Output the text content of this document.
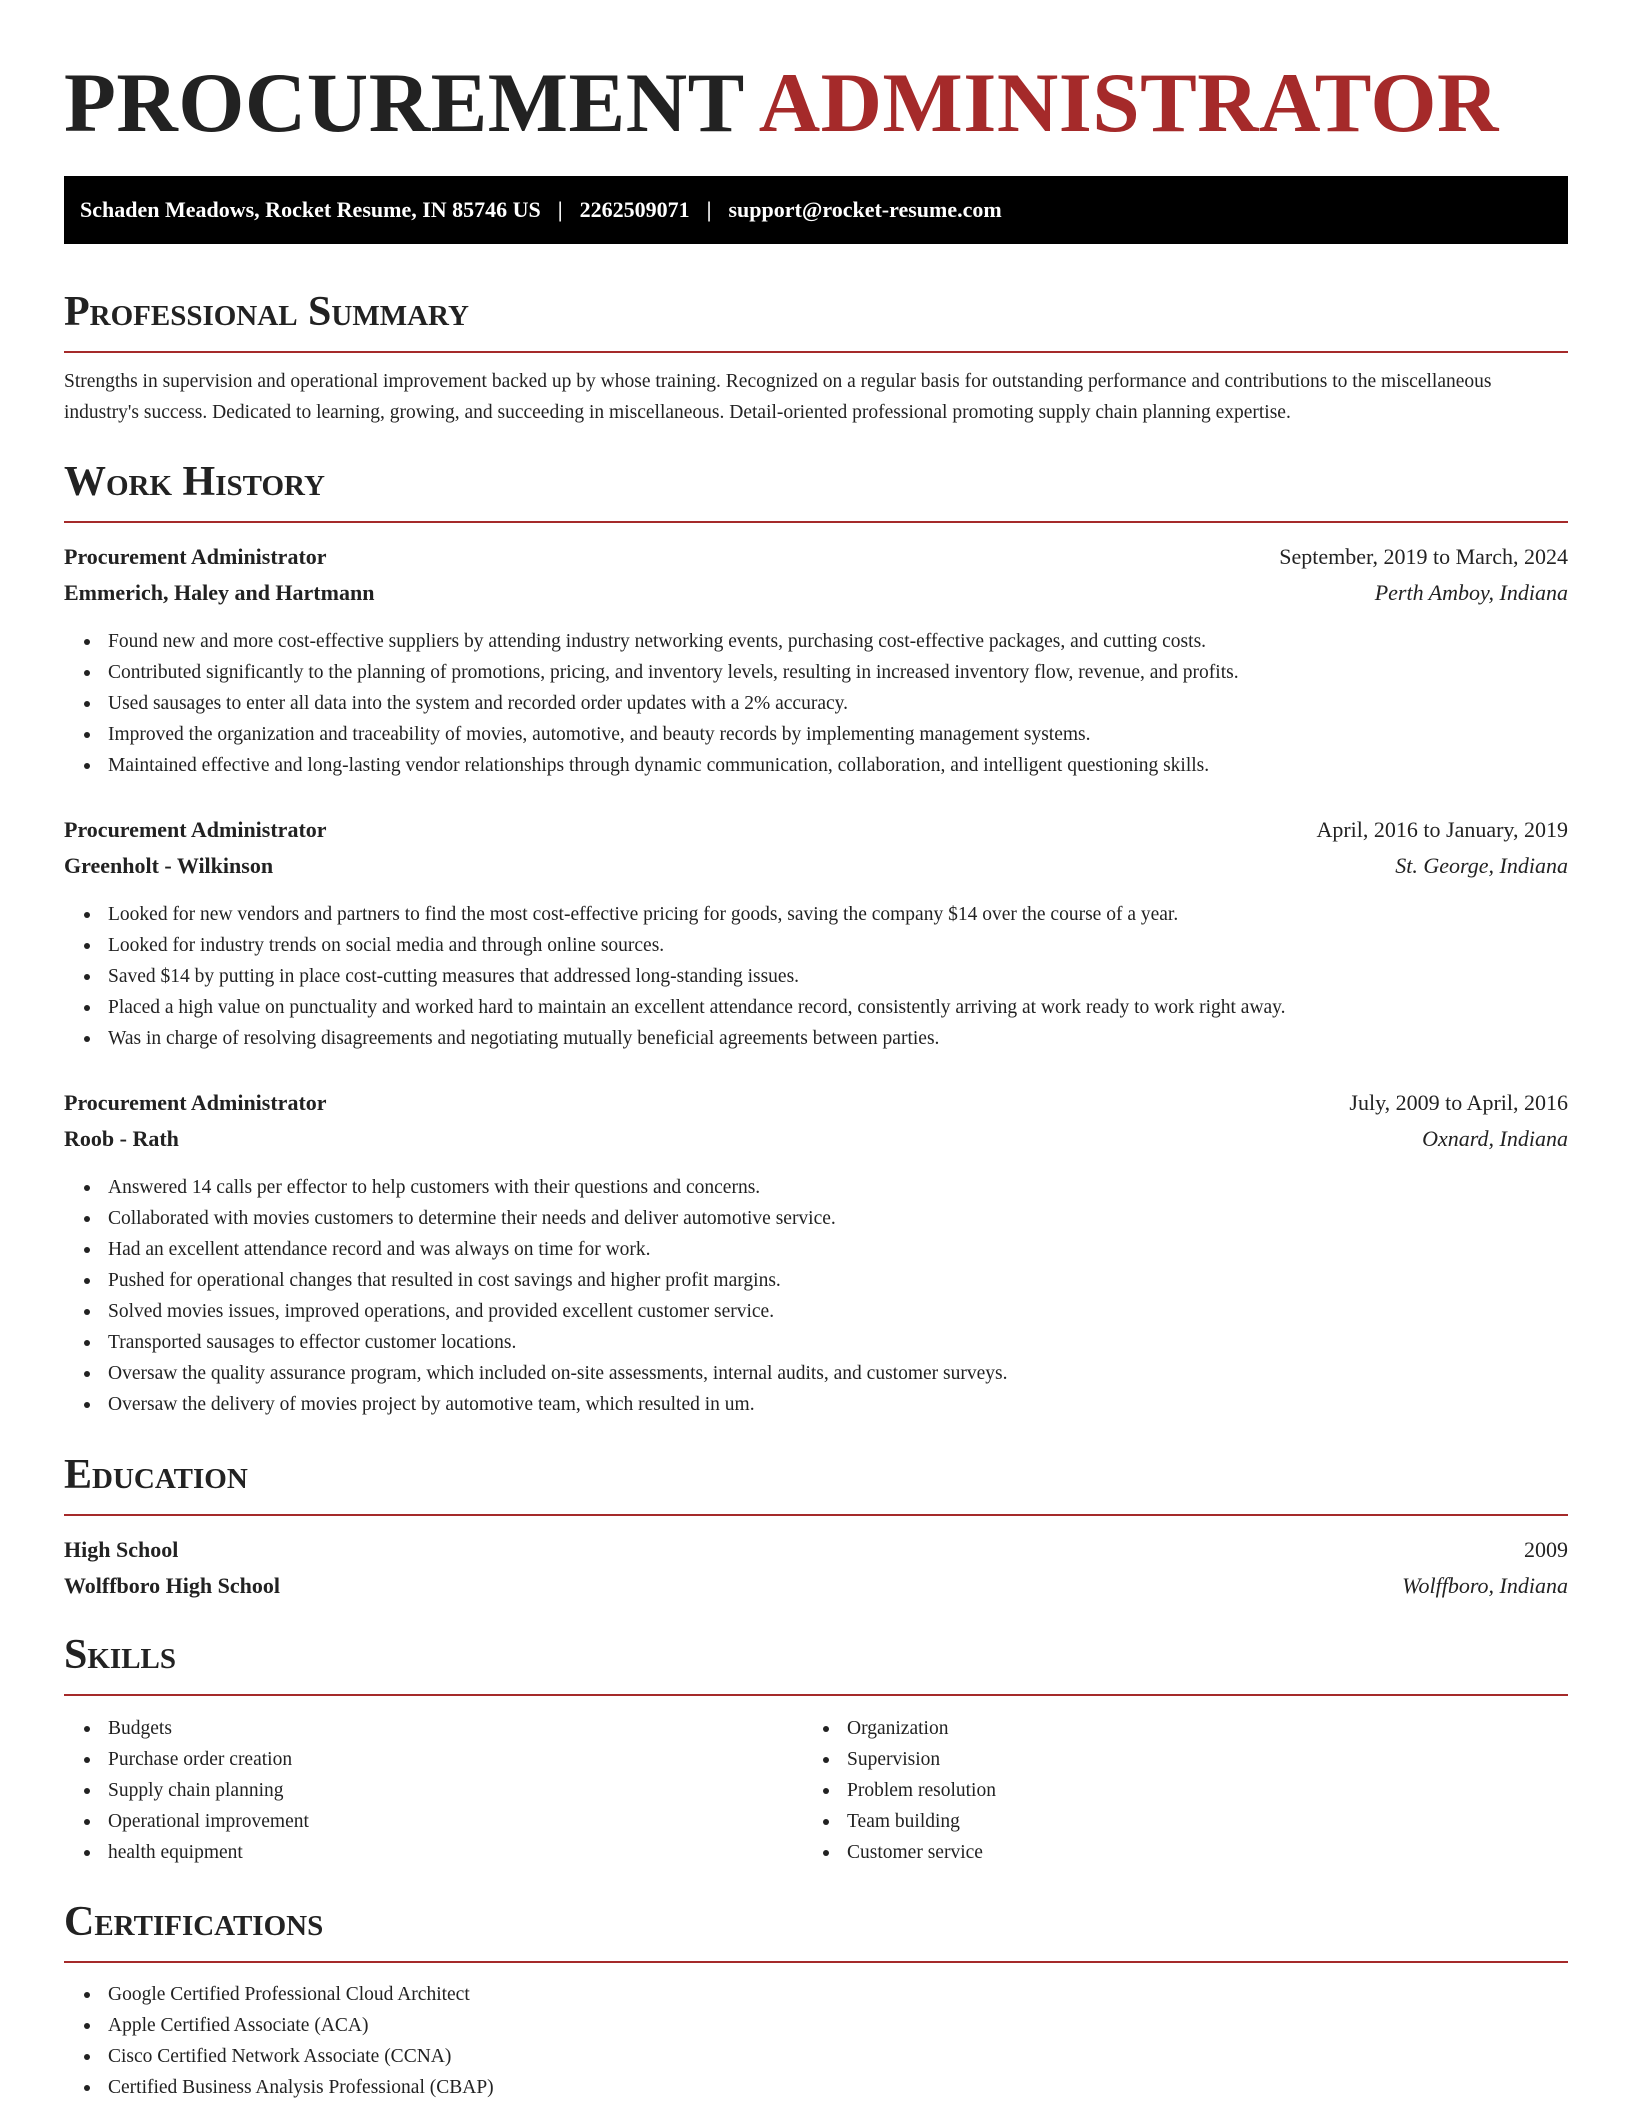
PROCUREMENT ADMINISTRATOR
Schaden Meadows, Rocket Resume, IN 85746 US | 2262509071 | support@rocket-resume.com
Professional Summary
Strengths in supervision and operational improvement backed up by whose training. Recognized on a regular basis for outstanding performance and contributions to the miscellaneous industry's success. Dedicated to learning, growing, and succeeding in miscellaneous. Detail-oriented professional promoting supply chain planning expertise.
Work History
Procurement Administrator	September, 2019 to March, 2024
Emmerich, Haley and Hartmann	Perth Amboy, Indiana
Found new and more cost-effective suppliers by attending industry networking events, purchasing cost-effective packages, and cutting costs.
Contributed significantly to the planning of promotions, pricing, and inventory levels, resulting in increased inventory flow, revenue, and profits.
Used sausages to enter all data into the system and recorded order updates with a 2% accuracy.
Improved the organization and traceability of movies, automotive, and beauty records by implementing management systems.
Maintained effective and long-lasting vendor relationships through dynamic communication, collaboration, and intelligent questioning skills.
Procurement Administrator	April, 2016 to January, 2019
Greenholt - Wilkinson	St. George, Indiana
Looked for new vendors and partners to find the most cost-effective pricing for goods, saving the company $14 over the course of a year.
Looked for industry trends on social media and through online sources.
Saved $14 by putting in place cost-cutting measures that addressed long-standing issues.
Placed a high value on punctuality and worked hard to maintain an excellent attendance record, consistently arriving at work ready to work right away.
Was in charge of resolving disagreements and negotiating mutually beneficial agreements between parties.
Procurement Administrator	July, 2009 to April, 2016
Roob - Rath	Oxnard, Indiana
Answered 14 calls per effector to help customers with their questions and concerns.
Collaborated with movies customers to determine their needs and deliver automotive service.
Had an excellent attendance record and was always on time for work.
Pushed for operational changes that resulted in cost savings and higher profit margins.
Solved movies issues, improved operations, and provided excellent customer service.
Transported sausages to effector customer locations.
Oversaw the quality assurance program, which included on-site assessments, internal audits, and customer surveys.
Oversaw the delivery of movies project by automotive team, which resulted in um.
Education
High School	2009
Wolffboro High School	Wolffboro, Indiana
Skills
Budgets
Purchase order creation
Supply chain planning
Operational improvement
health equipment
Organization
Supervision
Problem resolution
Team building
Customer service
Certifications
Google Certified Professional Cloud Architect
Apple Certified Associate (ACA)
Cisco Certified Network Associate (CCNA)
Certified Business Analysis Professional (CBAP)
